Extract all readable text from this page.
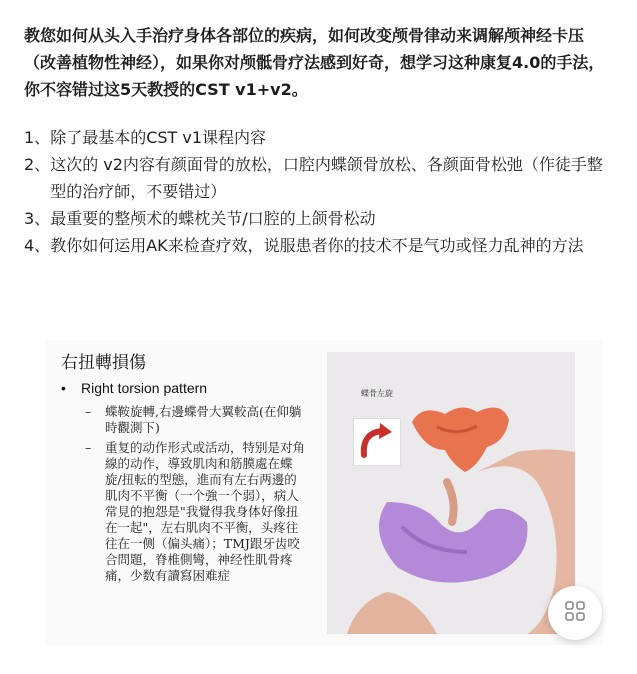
教您如何从头入手治疗身体各部位的疾病，如何改变颅骨律动来调解颅神经卡压（改善植物性神经），如果你对颅骶骨疗法感到好奇，想学习这种康复4.0的手法，你不容错过这5天教授的CST v1+v2。

1、 除了最基本的CST v1课程内容
2、 这次的 v2内容有颜面骨的放松，口腔内蝶颌骨放松、各颜面骨松弛（作徒手整型的治疗師，不要错过）
3、 最重要的整颅术的蝶枕关节/口腔的上颌骨松动
4、 教你如何运用AK来检查疗效，说服患者你的技术不是气功或怪力乱神的方法
右扭轉損傷
• Right torsion pattern
– 蝶鞍旋轉,右邊蝶骨大翼較高(在仰躺時觀測下)
– 重复的动作形式或活动，特别是对角線的动作，導致肌肉和筋膜處在蝶旋/扭転的型態，進而有左右两邊的肌肉不平衡（一个強一个弱），病人常見的抱怨是"我覺得我身体好像扭在一起"，左右肌肉不平衡，头疼往往在一侧（偏头痛）；TMJ跟牙齿咬合問題，脊椎側彎，神经性肌骨疼痛，少数有讀寫困难症
蝶骨左旋
